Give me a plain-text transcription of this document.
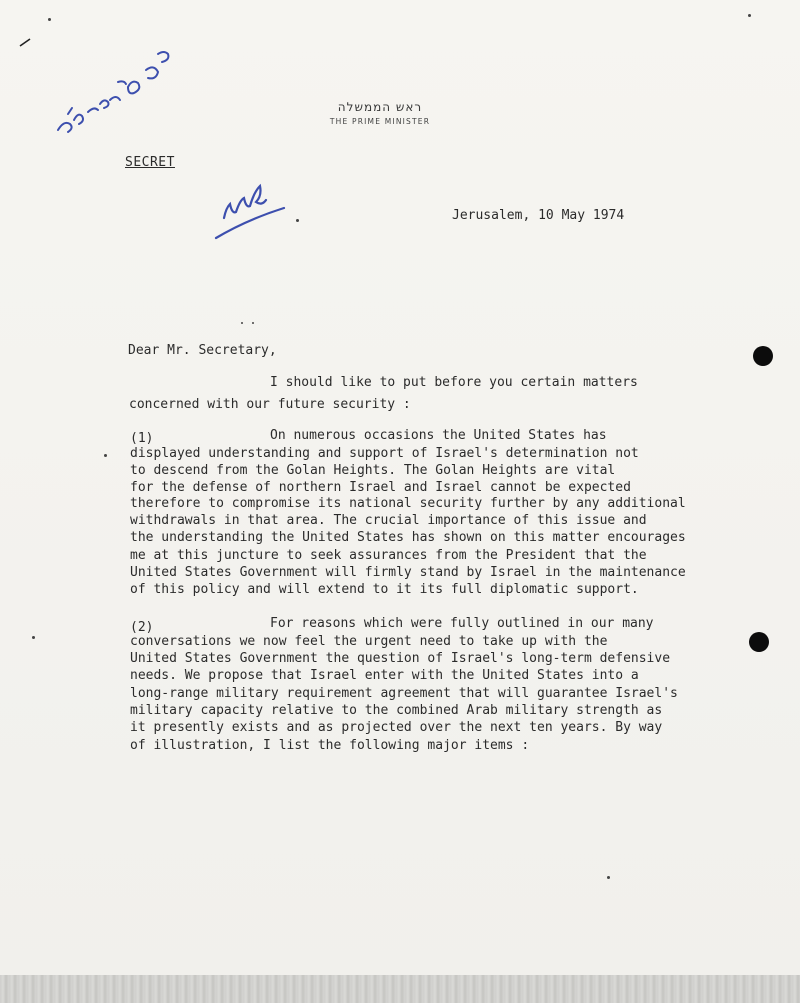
ראש הממשלה
THE PRIME MINISTER
SECRET
Jerusalem, 10 May 1974
Dear Mr. Secretary,
I should like to put before you certain matters
concerned with our future security :
(1)	On numerous occasions the United States has
displayed understanding and support of Israel's determination not
to descend from the Golan Heights. The Golan Heights are vital
for the defense of northern Israel and Israel cannot be expected
therefore to compromise its national security further by any additional
withdrawals in that area. The crucial importance of this issue and
the understanding the United States has shown on this matter encourages
me at this juncture to seek assurances from the President that the
United States Government will firmly stand by Israel in the maintenance
of this policy and will extend to it its full diplomatic support.
(2)	For reasons which were fully outlined in our many
conversations we now feel the urgent need to take up with the
United States Government the question of Israel's long-term defensive
needs. We propose that Israel enter with the United States into a
long-range military requirement agreement that will guarantee Israel's
military capacity relative to the combined Arab military strength as
it presently exists and as projected over the next ten years. By way
of illustration, I list the following major items :
